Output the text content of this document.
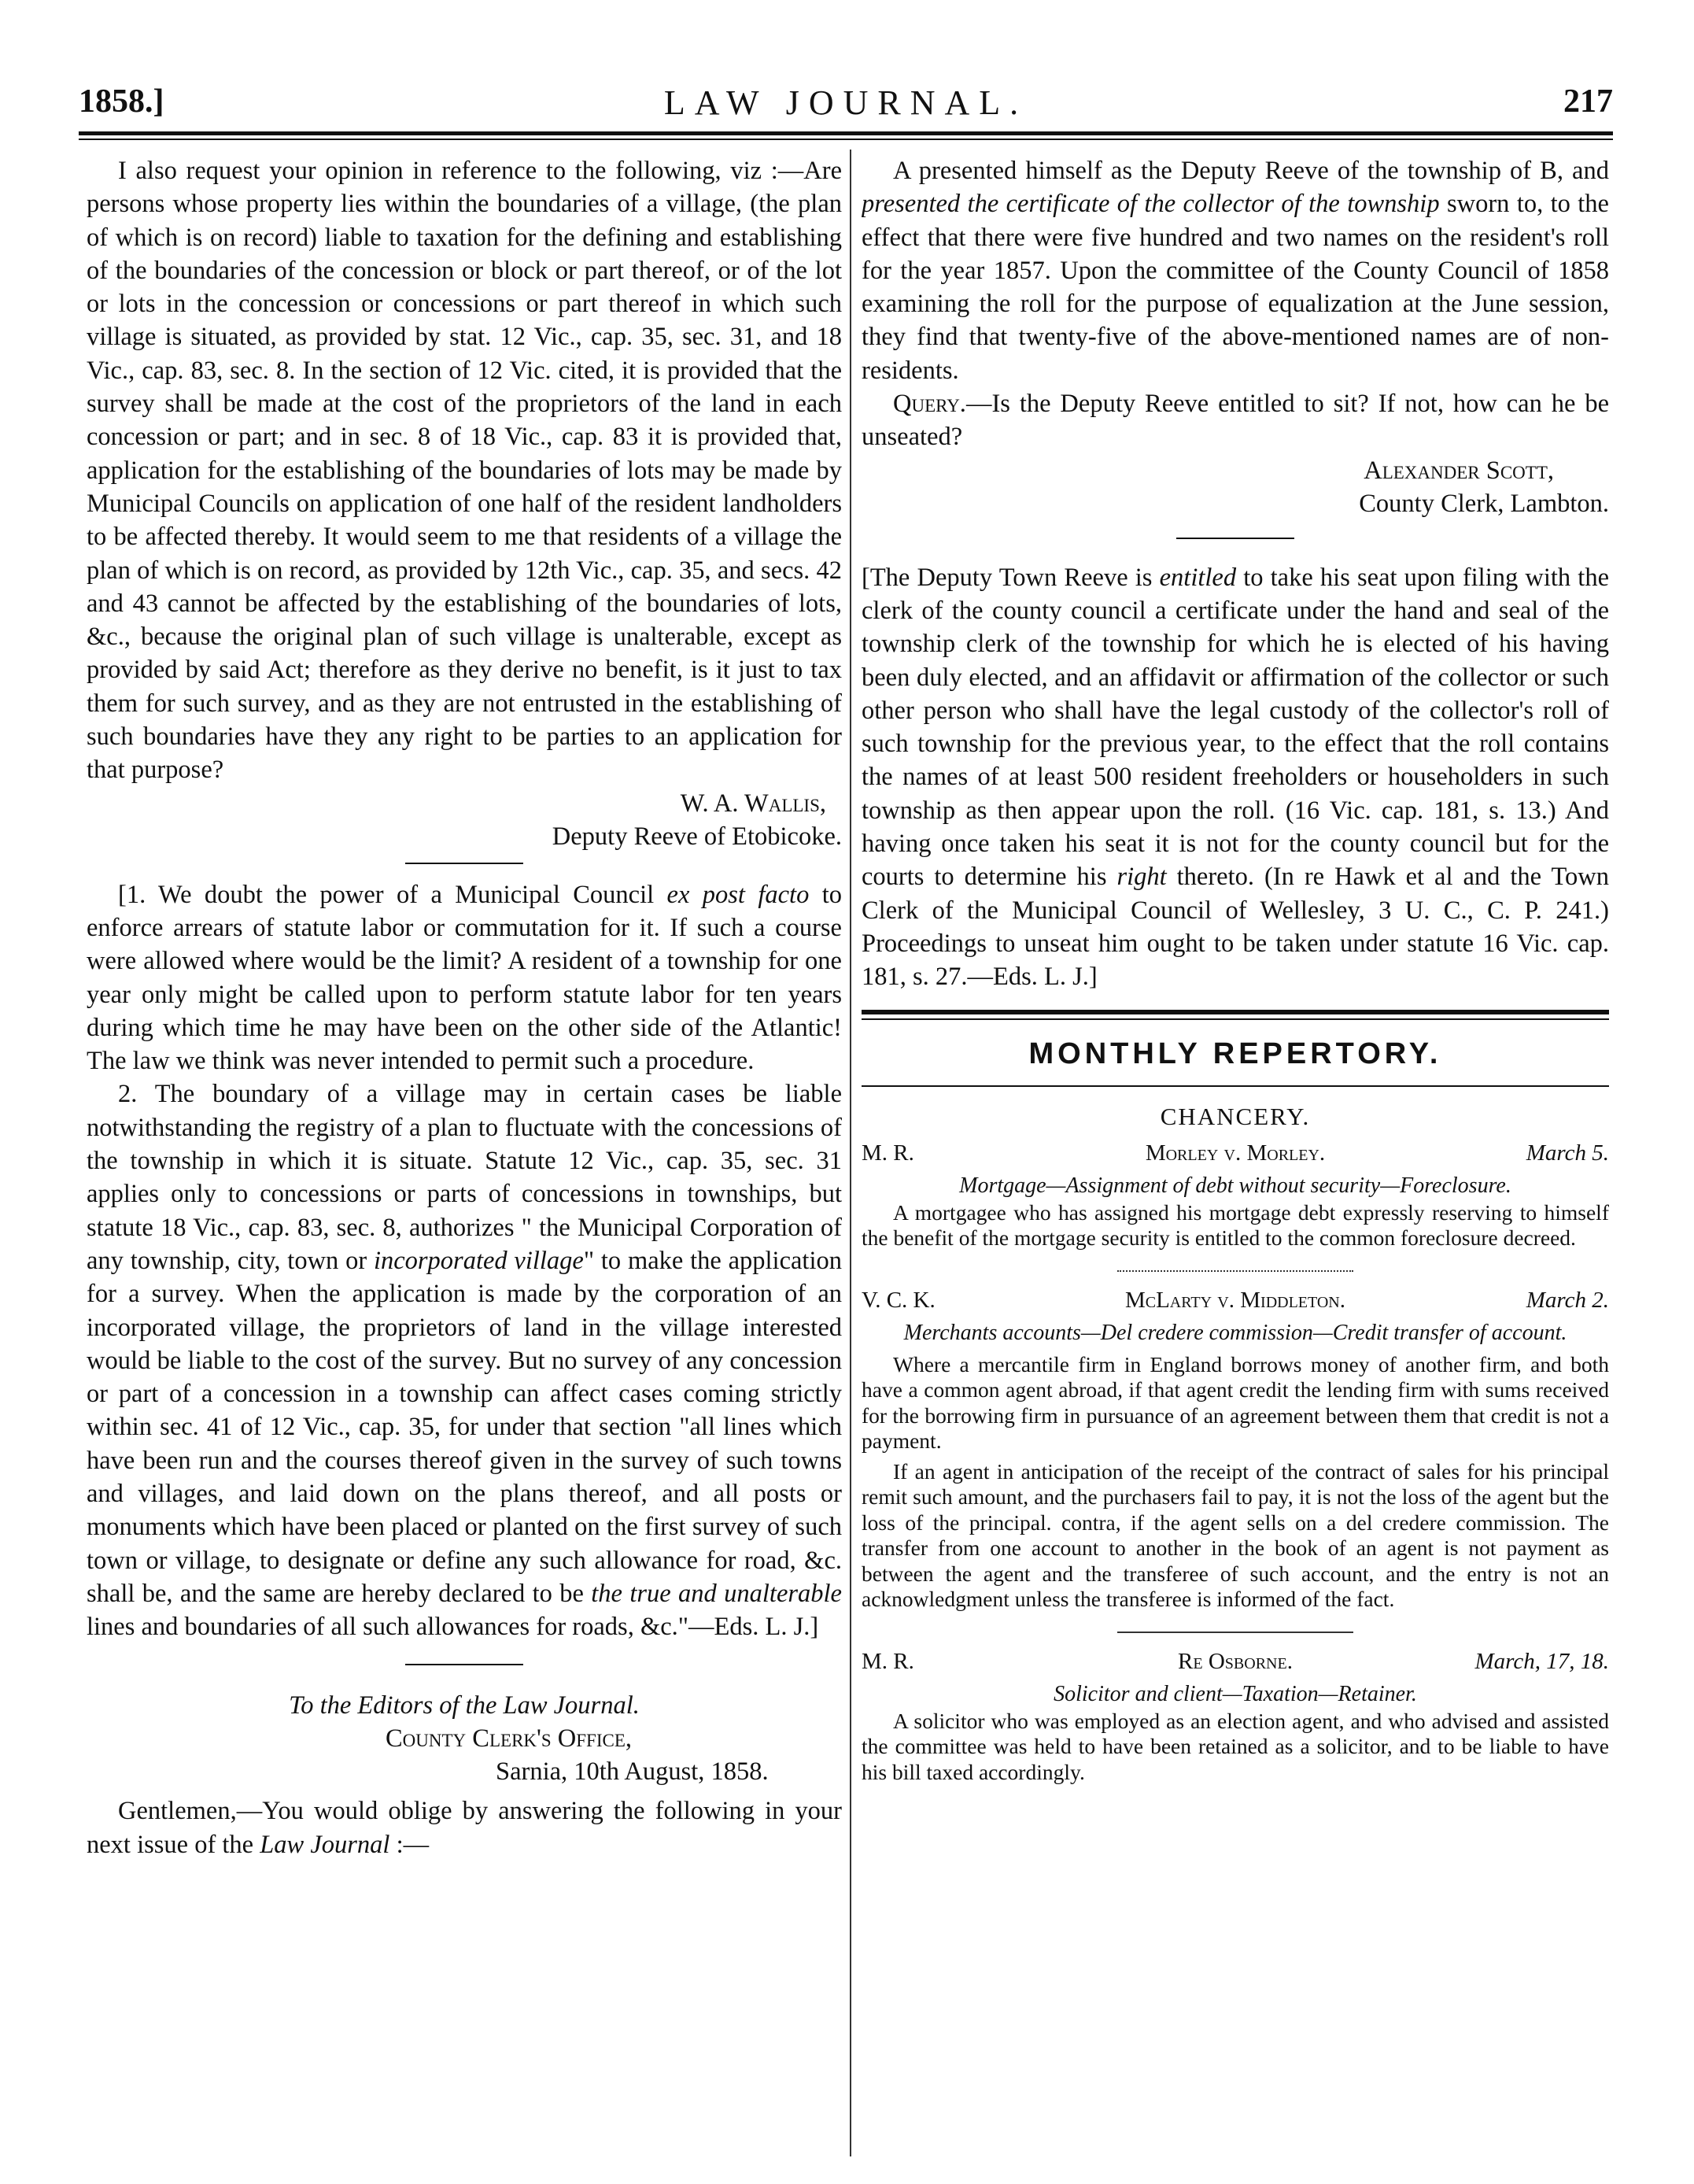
1858.]	LAW JOURNAL.	217

I also request your opinion in reference to the following, viz :—Are persons whose property lies within the boundaries of a village, (the plan of which is on record) liable to taxation for the defining and establishing of the boundaries of the concession or block or part thereof, or of the lot or lots in the concession or concessions or part thereof in which such village is situated, as provided by stat. 12 Vic., cap. 35, sec. 31, and 18 Vic., cap. 83, sec. 8. In the section of 12 Vic. cited, it is provided that the survey shall be made at the cost of the proprietors of the land in each concession or part; and in sec. 8 of 18 Vic., cap. 83 it is provided that, application for the establishing of the boundaries of lots may be made by Municipal Councils on application of one half of the resident landholders to be affected thereby. It would seem to me that residents of a village the plan of which is on record, as provided by 12th Vic., cap. 35, and secs. 42 and 43 cannot be affected by the establishing of the boundaries of lots, &c., because the original plan of such village is unalterable, except as provided by said Act; therefore as they derive no benefit, is it just to tax them for such survey, and as they are not entrusted in the establishing of such boundaries have they any right to be parties to an application for that purpose?

W. A. Wallis,

Deputy Reeve of Etobicoke.

[1. We doubt the power of a Municipal Council ex post facto to enforce arrears of statute labor or commutation for it. If such a course were allowed where would be the limit? A resident of a township for one year only might be called upon to perform statute labor for ten years during which time he may have been on the other side of the Atlantic! The law we think was never intended to permit such a procedure.

2. The boundary of a village may in certain cases be liable notwithstanding the registry of a plan to fluctuate with the concessions of the township in which it is situate. Statute 12 Vic., cap. 35, sec. 31 applies only to concessions or parts of concessions in townships, but statute 18 Vic., cap. 83, sec. 8, authorizes " the Municipal Corporation of any township, city, town or incorporated village" to make the application for a survey. When the application is made by the corporation of an incorporated village, the proprietors of land in the village interested would be liable to the cost of the survey. But no survey of any concession or part of a concession in a township can affect cases coming strictly within sec. 41 of 12 Vic., cap. 35, for under that section "all lines which have been run and the courses thereof given in the survey of such towns and villages, and laid down on the plans thereof, and all posts or monuments which have been placed or planted on the first survey of such town or village, to designate or define any such allowance for road, &c. shall be, and the same are hereby declared to be the true and unalterable lines and boundaries of all such allowances for roads, &c."—Eds. L. J.]

To the Editors of the Law Journal.

County Clerk's Office,

Sarnia, 10th August, 1858.

Gentlemen,—You would oblige by answering the following in your next issue of the Law Journal :—

A presented himself as the Deputy Reeve of the township of B, and presented the certificate of the collector of the township sworn to, to the effect that there were five hundred and two names on the resident's roll for the year 1857. Upon the committee of the County Council of 1858 examining the roll for the purpose of equalization at the June session, they find that twenty-five of the above-mentioned names are of non-residents.

Query.—Is the Deputy Reeve entitled to sit? If not, how can he be unseated?

Alexander Scott,

County Clerk, Lambton.

[The Deputy Town Reeve is entitled to take his seat upon filing with the clerk of the county council a certificate under the hand and seal of the township clerk of the township for which he is elected of his having been duly elected, and an affidavit or affirmation of the collector or such other person who shall have the legal custody of the collector's roll of such township for the previous year, to the effect that the roll contains the names of at least 500 resident freeholders or householders in such township as then appear upon the roll. (16 Vic. cap. 181, s. 13.) And having once taken his seat it is not for the county council but for the courts to determine his right thereto. (In re Hawk et al and the Town Clerk of the Municipal Council of Wellesley, 3 U. C., C. P. 241.) Proceedings to unseat him ought to be taken under statute 16 Vic. cap. 181, s. 27.—Eds. L. J.]

MONTHLY REPERTORY.
CHANCERY.
M. R.	Morley v. Morley.	March 5.

Mortgage—Assignment of debt without security—Foreclosure.

A mortgagee who has assigned his mortgage debt expressly reserving to himself the benefit of the mortgage security is entitled to the common foreclosure decreed.

V. C. K.	McLarty v. Middleton.	March 2.

Merchants accounts—Del credere commission—Credit transfer of account.

Where a mercantile firm in England borrows money of another firm, and both have a common agent abroad, if that agent credit the lending firm with sums received for the borrowing firm in pursuance of an agreement between them that credit is not a payment.

If an agent in anticipation of the receipt of the contract of sales for his principal remit such amount, and the purchasers fail to pay, it is not the loss of the agent but the loss of the principal. contra, if the agent sells on a del credere commission. The transfer from one account to another in the book of an agent is not payment as between the agent and the transferee of such account, and the entry is not an acknowledgment unless the transferee is informed of the fact.

M. R.	Re Osborne.	March, 17, 18.

Solicitor and client—Taxation—Retainer.

A solicitor who was employed as an election agent, and who advised and assisted the committee was held to have been retained as a solicitor, and to be liable to have his bill taxed accordingly.
